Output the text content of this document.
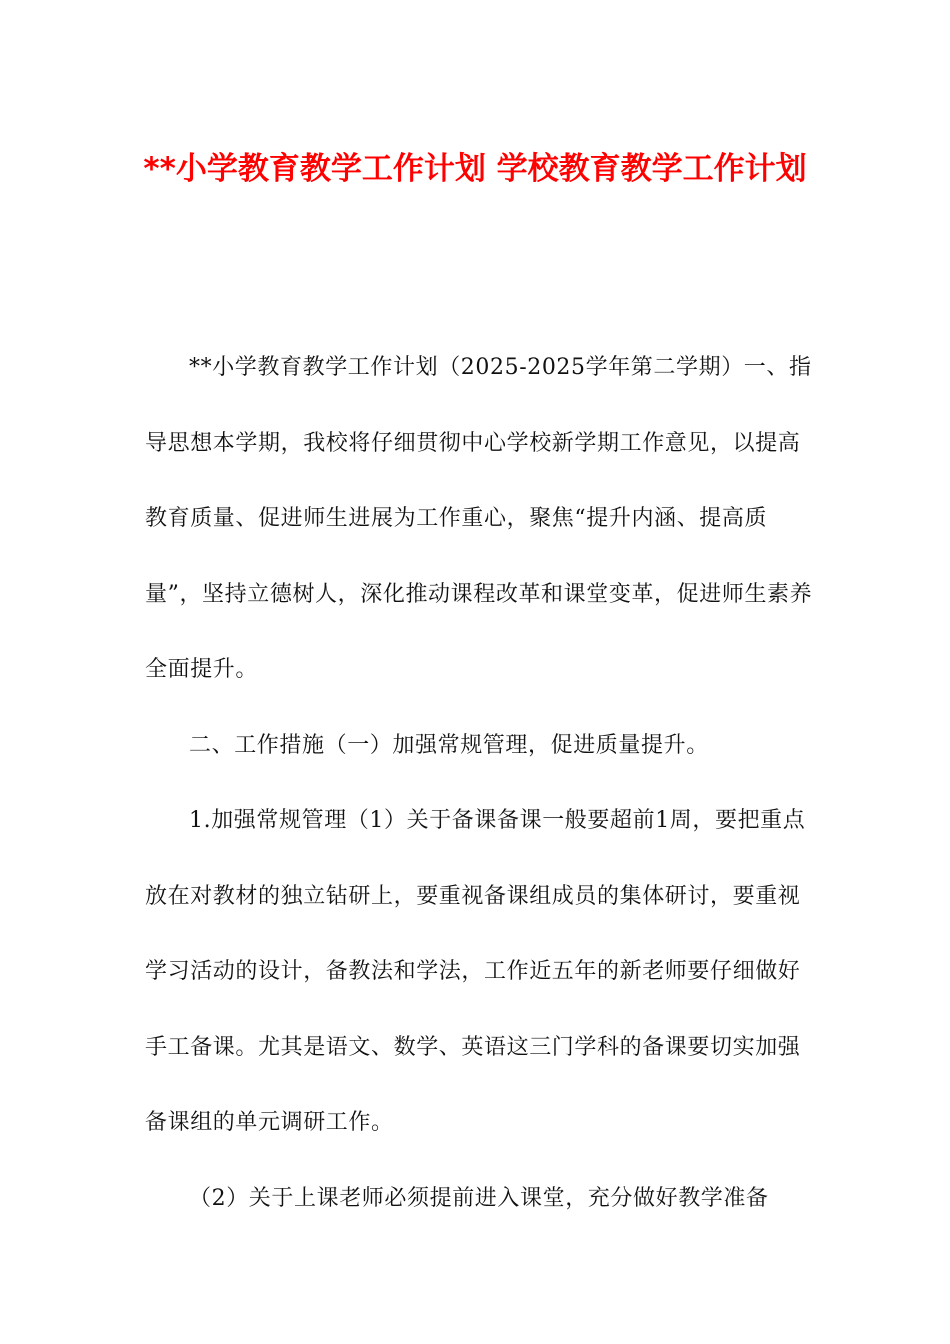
**小学教育教学工作计划 学校教育教学工作计划

**小学教育教学工作计划（2025-2025学年第二学期）一、指导思想本学期，我校将仔细贯彻中心学校新学期工作意见，以提高教育质量、促进师生进展为工作重心，聚焦“提升内涵、提高质量”，坚持立德树人，深化推动课程改革和课堂变革，促进师生素养全面提升。

二、工作措施（一）加强常规管理，促进质量提升。

1.加强常规管理（1）关于备课备课一般要超前1周，要把重点放在对教材的独立钻研上，要重视备课组成员的集体研讨，要重视学习活动的设计，备教法和学法，工作近五年的新老师要仔细做好手工备课。尤其是语文、数学、英语这三门学科的备课要切实加强备课组的单元调研工作。

（2）关于上课老师必须提前进入课堂，充分做好教学准备
